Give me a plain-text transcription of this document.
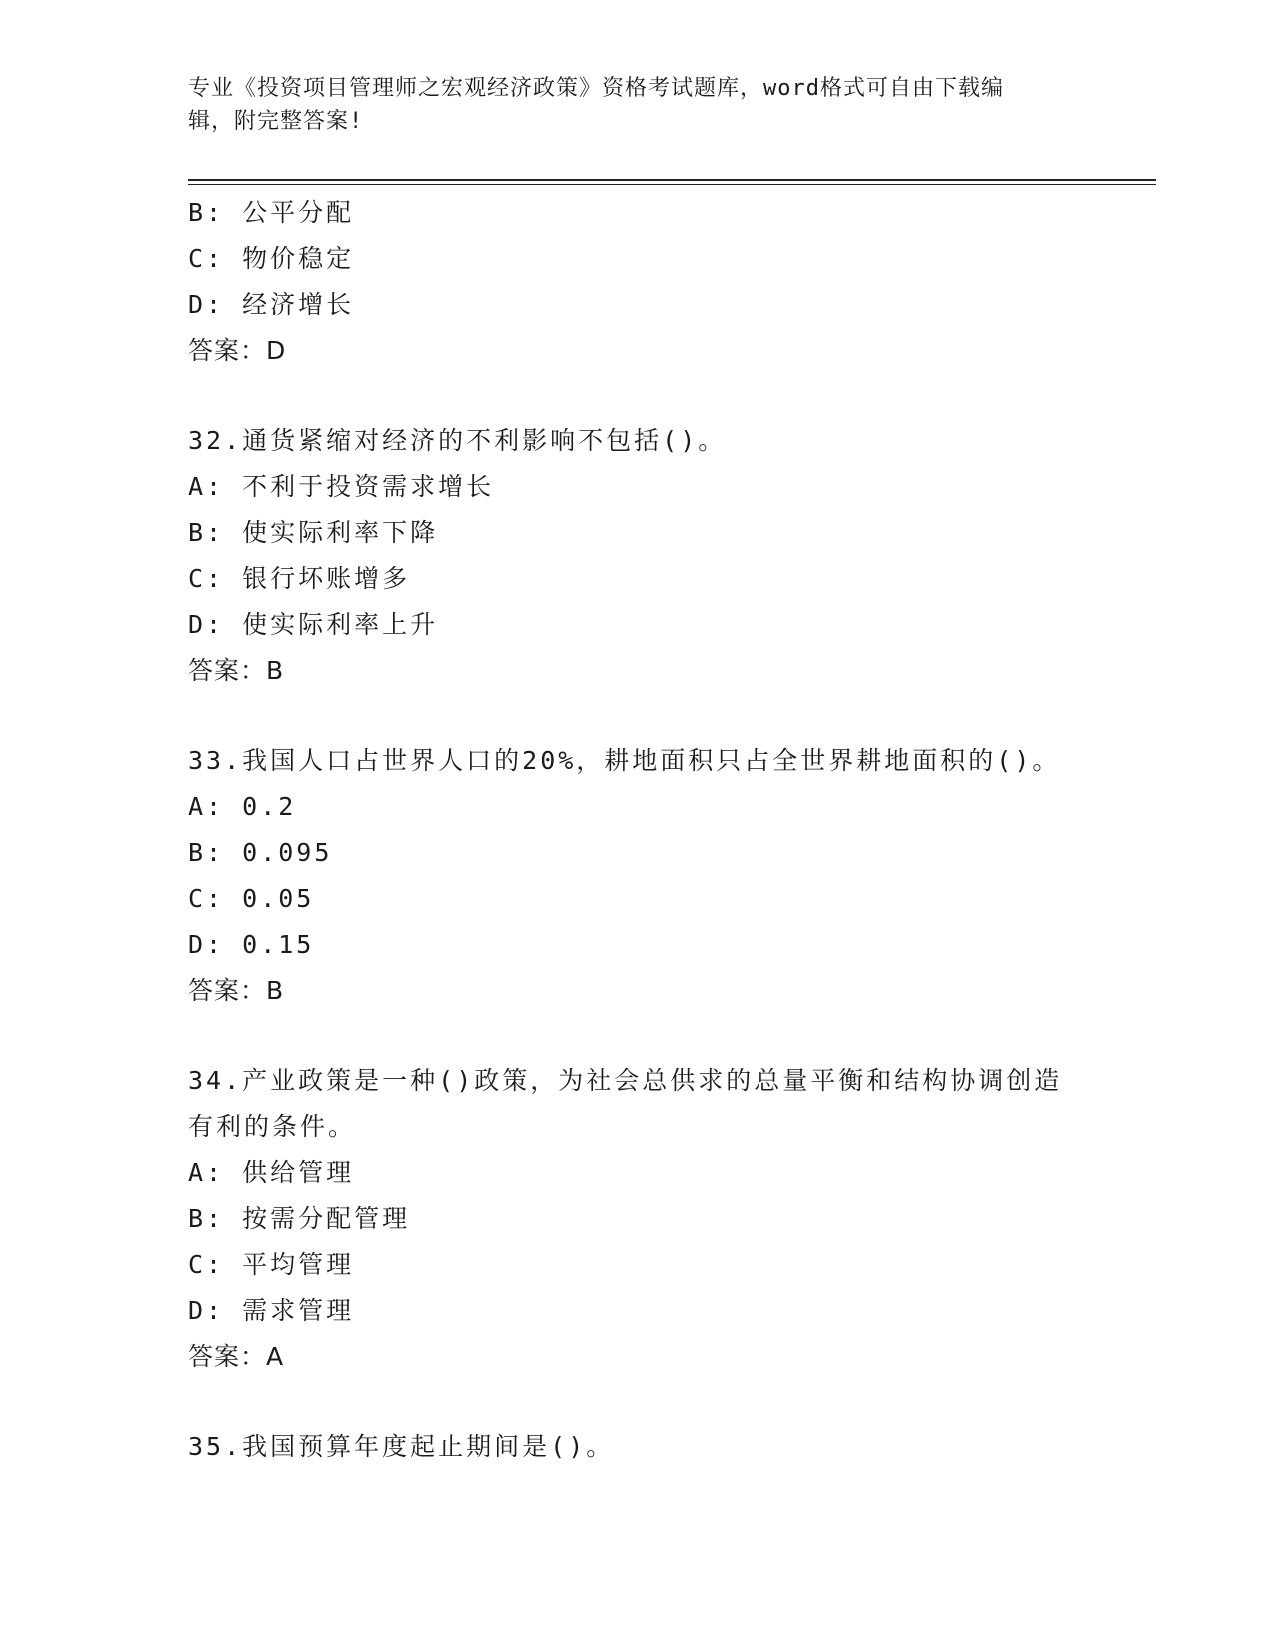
专业《投资项目管理师之宏观经济政策》资格考试题库，word格式可自由下载编
辑，附完整答案!
B: 公平分配
C: 物价稳定
D: 经济增长
答案：D
32.通货紧缩对经济的不利影响不包括()。
A: 不利于投资需求增长
B: 使实际利率下降
C: 银行坏账增多
D: 使实际利率上升
答案：B
33.我国人口占世界人口的20%，耕地面积只占全世界耕地面积的()。
A: 0.2
B: 0.095
C: 0.05
D: 0.15
答案：B
34.产业政策是一种()政策，为社会总供求的总量平衡和结构协调创造
有利的条件。
A: 供给管理
B: 按需分配管理
C: 平均管理
D: 需求管理
答案：A
35.我国预算年度起止期间是()。
